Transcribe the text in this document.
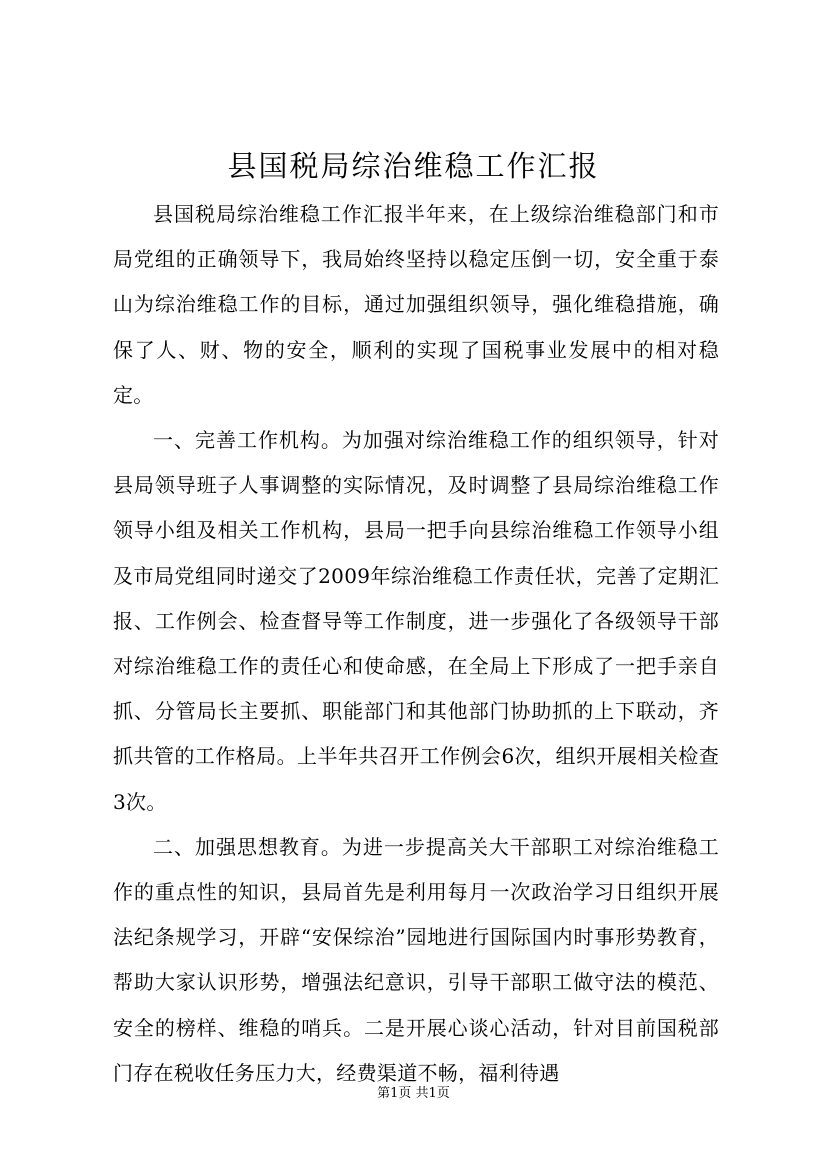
县国税局综治维稳工作汇报

县国税局综治维稳工作汇报半年来，在上级综治维稳部门和市局党组的正确领导下，我局始终坚持以稳定压倒一切，安全重于泰山为综治维稳工作的目标，通过加强组织领导，强化维稳措施，确保了人、财、物的安全，顺利的实现了国税事业发展中的相对稳定。

一、完善工作机构。为加强对综治维稳工作的组织领导，针对县局领导班子人事调整的实际情况，及时调整了县局综治维稳工作领导小组及相关工作机构，县局一把手向县综治维稳工作领导小组及市局党组同时递交了2009年综治维稳工作责任状，完善了定期汇报、工作例会、检查督导等工作制度，进一步强化了各级领导干部对综治维稳工作的责任心和使命感，在全局上下形成了一把手亲自抓、分管局长主要抓、职能部门和其他部门协助抓的上下联动，齐抓共管的工作格局。上半年共召开工作例会6次，组织开展相关检查3次。

二、加强思想教育。为进一步提高关大干部职工对综治维稳工作的重点性的知识，县局首先是利用每月一次政治学习日组织开展法纪条规学习，开辟“安保综治”园地进行国际国内时事形势教育，帮助大家认识形势，增强法纪意识，引导干部职工做守法的模范、安全的榜样、维稳的哨兵。二是开展心谈心活动，针对目前国税部门存在税收任务压力大，经费渠道不畅，福利待遇

第1页 共1页
